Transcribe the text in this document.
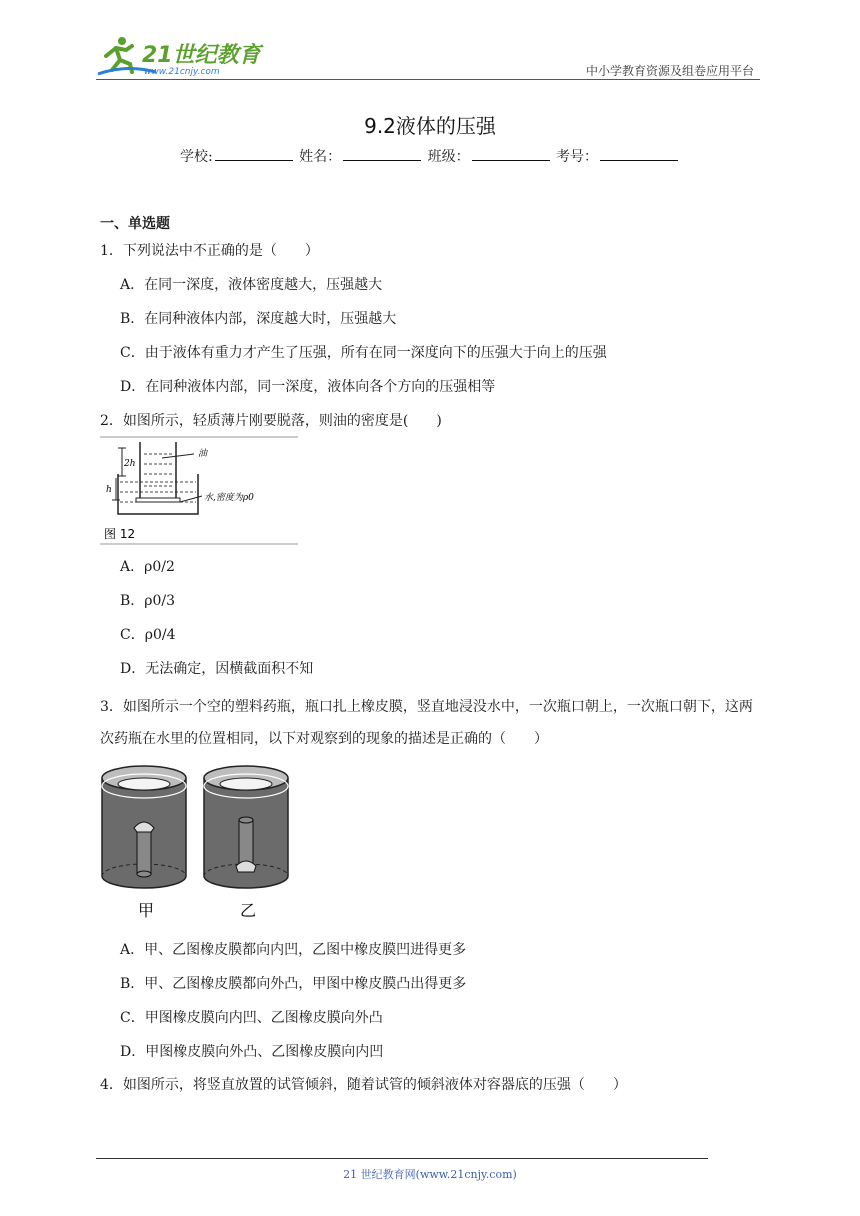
21世纪教育
www.21cnjy.com	中小学教育资源及组卷应用平台
9.2液体的压强
学校:	姓名：	班级：	考号：
一、单选题
1．下列说法中不正确的是（　　）
A．在同一深度，液体密度越大，压强越大
B．在同种液体内部，深度越大时，压强越大
C．由于液体有重力才产生了压强，所有在同一深度向下的压强大于向上的压强
D．在同种液体内部，同一深度，液体向各个方向的压强相等
2．如图所示，轻质薄片刚要脱落，则油的密度是(　　)
2h
h
油
水,密度为ρ0
图 12
A．ρ0/2
B．ρ0/3
C．ρ0/4
D．无法确定，因横截面积不知
3．如图所示一个空的塑料药瓶，瓶口扎上橡皮膜，竖直地浸没水中，一次瓶口朝上，一次瓶口朝下，这两次药瓶在水里的位置相同，以下对观察到的现象的描述是正确的（　　）
甲	乙
A．甲、乙图橡皮膜都向内凹，乙图中橡皮膜凹进得更多
B．甲、乙图橡皮膜都向外凸，甲图中橡皮膜凸出得更多
C．甲图橡皮膜向内凹、乙图橡皮膜向外凸
D．甲图橡皮膜向外凸、乙图橡皮膜向内凹
4．如图所示，将竖直放置的试管倾斜，随着试管的倾斜液体对容器底的压强（　　）
21 世纪教育网(www.21cnjy.com)
